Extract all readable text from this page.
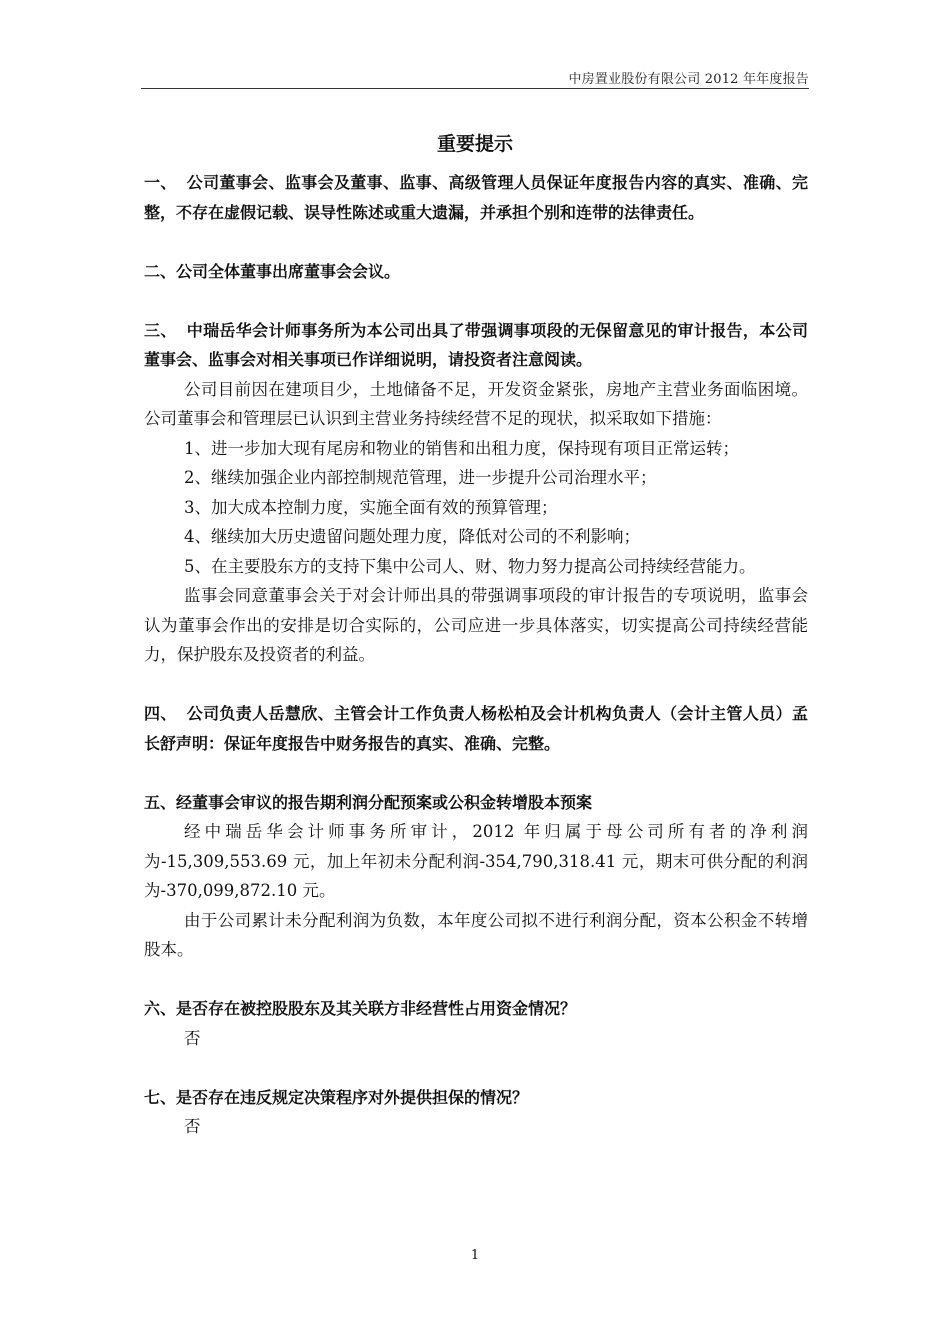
中房置业股份有限公司 2012 年年度报告
重要提示

一、 公司董事会、监事会及董事、监事、高级管理人员保证年度报告内容的真实、准确、完整，不存在虚假记载、误导性陈述或重大遗漏，并承担个别和连带的法律责任。

二、公司全体董事出席董事会会议。

三、 中瑞岳华会计师事务所为本公司出具了带强调事项段的无保留意见的审计报告，本公司董事会、监事会对相关事项已作详细说明，请投资者注意阅读。

公司目前因在建项目少，土地储备不足，开发资金紧张，房地产主营业务面临困境。公司董事会和管理层已认识到主营业务持续经营不足的现状，拟采取如下措施：

1、进一步加大现有尾房和物业的销售和出租力度，保持现有项目正常运转；

2、继续加强企业内部控制规范管理，进一步提升公司治理水平；

3、加大成本控制力度，实施全面有效的预算管理；

4、继续加大历史遗留问题处理力度，降低对公司的不利影响；

5、在主要股东方的支持下集中公司人、财、物力努力提高公司持续经营能力。

监事会同意董事会关于对会计师出具的带强调事项段的审计报告的专项说明，监事会认为董事会作出的安排是切合实际的，公司应进一步具体落实，切实提高公司持续经营能力，保护股东及投资者的利益。

四、 公司负责人岳慧欣、主管会计工作负责人杨松柏及会计机构负责人（会计主管人员）孟长舒声明：保证年度报告中财务报告的真实、准确、完整。

五、经董事会审议的报告期利润分配预案或公积金转增股本预案

经中瑞岳华会计师事务所审计，2012 年归属于母公司所有者的净利润为-15,309,553.69 元，加上年初未分配利润-354,790,318.41 元，期末可供分配的利润为-370,099,872.10 元。

由于公司累计未分配利润为负数，本年度公司拟不进行利润分配，资本公积金不转增股本。

六、是否存在被控股股东及其关联方非经营性占用资金情况？

否

七、是否存在违反规定决策程序对外提供担保的情况？

否

1
